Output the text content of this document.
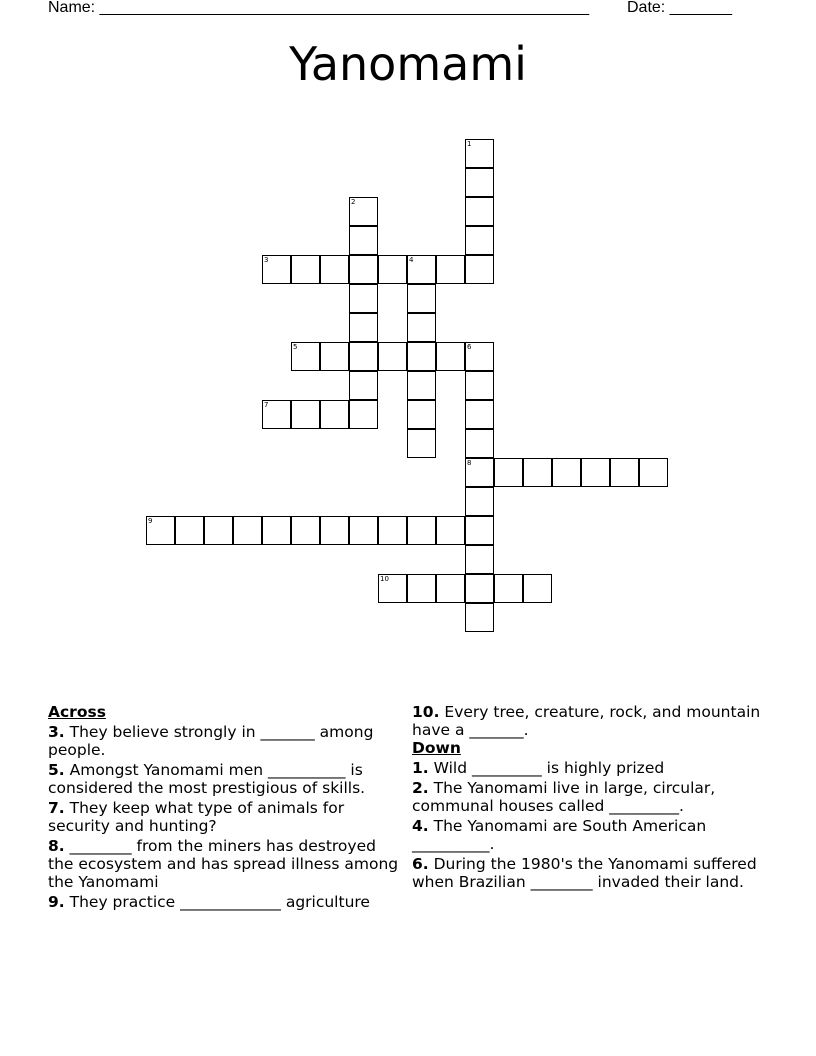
Name: _______________________________________________________ Date: _______
Yanomami
1
2
3	4
5	6
8
7
9
10
Across
3. They believe strongly in _______ among people.
5. Amongst Yanomami men __________ is considered the most prestigious of skills.
7. They keep what type of animals for security and hunting?
8. ________ from the miners has destroyed the ecosystem and has spread illness among the Yanomami
9. They practice _____________ agriculture
10. Every tree, creature, rock, and mountain have a _______.
Down
1. Wild _________ is highly prized
2. The Yanomami live in large, circular, communal houses called _________.
4. The Yanomami are South American __________.
6. During the 1980's the Yanomami suffered when Brazilian ________ invaded their land.
